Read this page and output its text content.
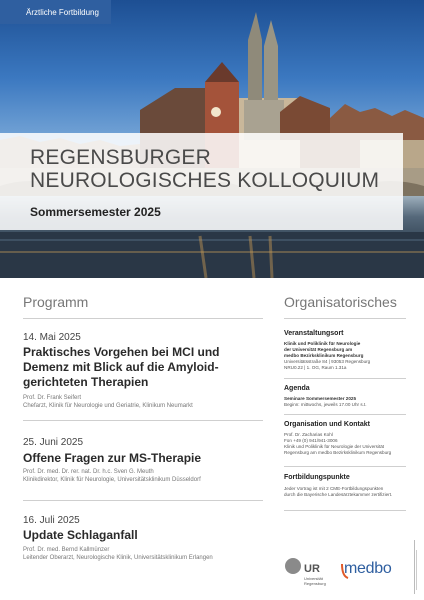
Ärztliche Fortbildung
REGENSBURGER
NEUROLOGISCHES KOLLOQUIUM
Sommersemester 2025
Programm
14. Mai 2025
Praktisches Vorgehen bei MCI und Demenz mit Blick auf die Amyloid-gerichteten Therapien
Prof. Dr. Frank Seifert
Chefarzt, Klinik für Neurologie und Geriatrie, Klinikum Neumarkt
25. Juni 2025
Offene Fragen zur MS-Therapie
Prof. Dr. med. Dr. rer. nat. Dr. h.c. Sven G. Meuth
Klinikdirektor, Klinik für Neurologie, Universitätsklinikum Düsseldorf
16. Juli 2025
Update Schlaganfall
Prof. Dr. med. Bernd Kallmünzer
Leitender Oberarzt, Neurologische Klinik, Universitätsklinikum Erlangen
Organisatorisches
Veranstaltungsort
Klinik und Poliklinik für Neurologie
der Universität Regensburg am
medbo Bezirksklinikum Regensburg
Universitätsstraße 84 | 93053 Regensburg
NRU0.22 | 1. OG, Raum 1.31a
Agenda
Seminare Sommersemester 2025
Beginn: mittwochs, jeweils 17.00 Uhr s.t.
Organisation und Kontakt
Prof. Dr. Zacharias Kohl
Fon +49 (0) 941/941-3006
Klinik und Poliklinik für Neurologie der Universität
Regensburg am medbo Bezirksklinikum Regensburg
Fortbildungspunkte
Jeder Vortrag ist mit 2 CME-Fortbildungspunkten
durch die Bayerische Landesärztekammer zertifiziert.
UR
Universität
Regensburg
medbo
